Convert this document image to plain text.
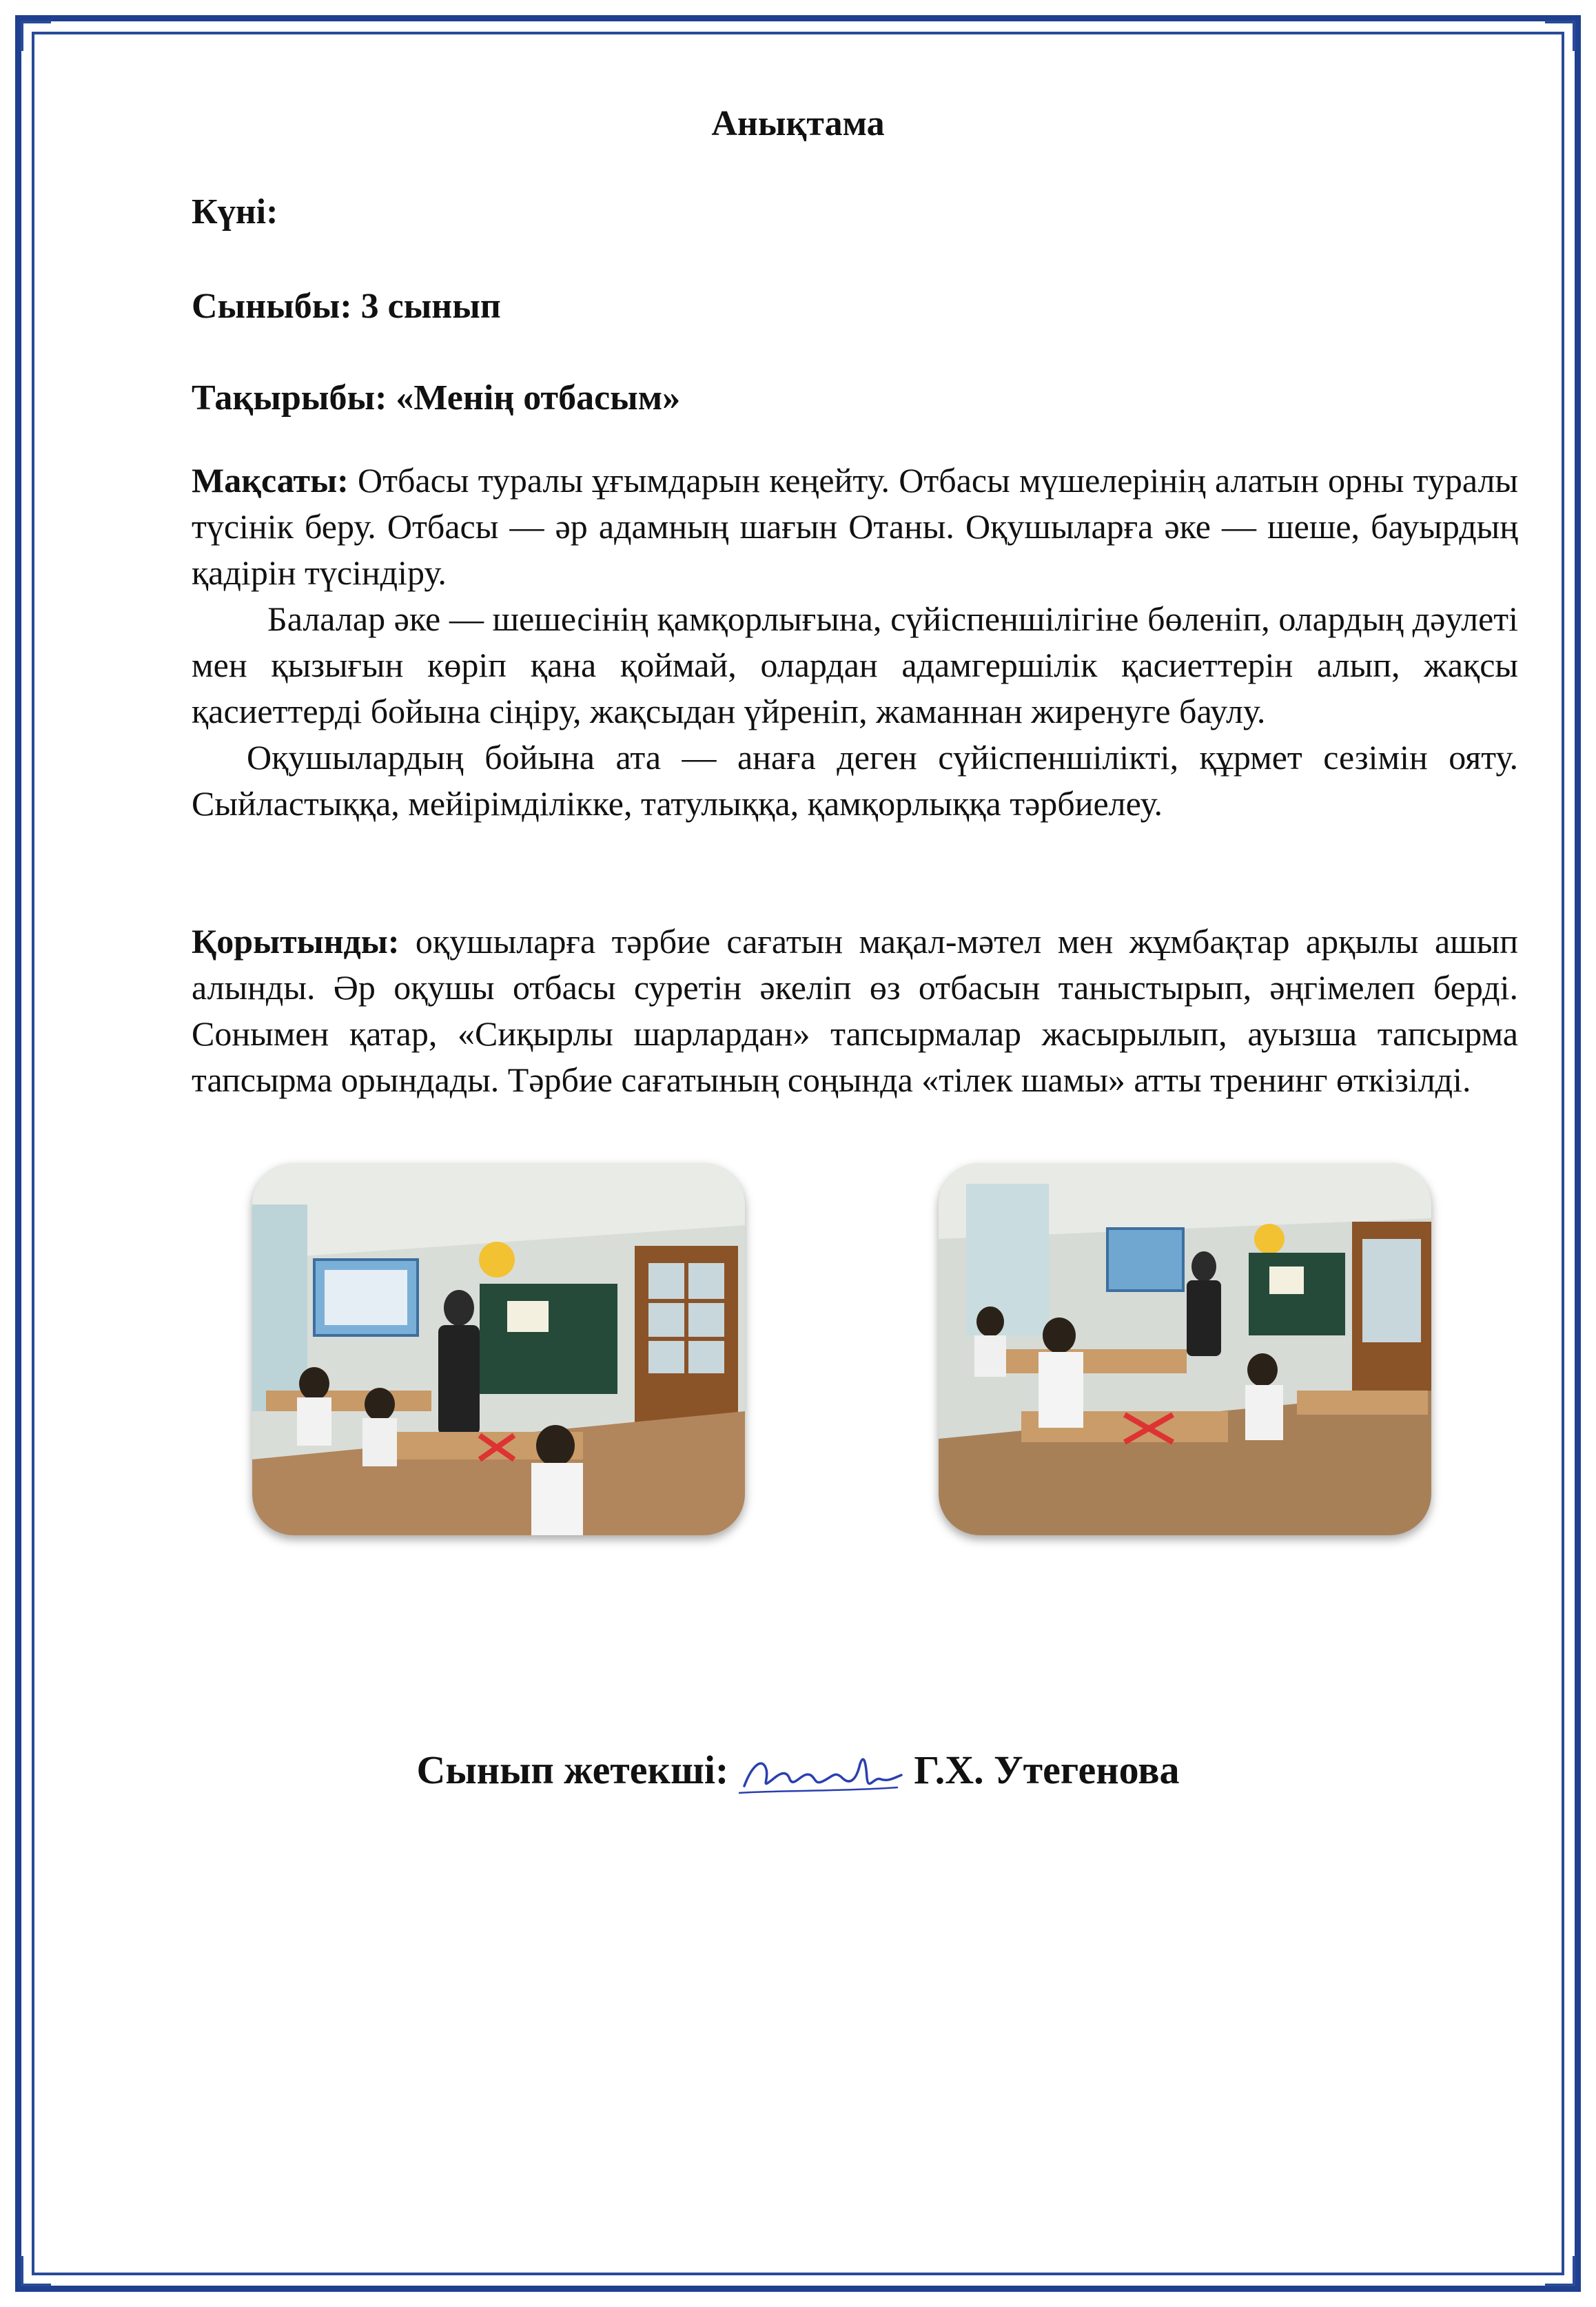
Анықтама
Күні:
Сыныбы: 3 сынып
Тақырыбы: «Менің отбасым»

Мақсаты: Отбасы туралы ұғымдарын кеңейту. Отбасы мүшелерінің алатын орны туралы түсінік беру. Отбасы — әр адамның шағын Отаны. Оқушыларға әке — шеше, бауырдың қадірін түсіндіру.

Балалар әке — шешесінің қамқорлығына, сүйіспеншілігіне бөленіп, олардың дәулеті мен қызығын көріп қана қоймай, олардан адамгершілік қасиеттерін алып, жақсы қасиеттерді бойына сіңіру, жақсыдан үйреніп, жаманнан жиренуге баулу.

Оқушылардың бойына ата — анаға деген сүйіспеншілікті, құрмет сезімін ояту. Сыйластыққа, мейірімділікке, татулыққа, қамқорлыққа тәрбиелеу.

Қорытынды: оқушыларға тәрбие сағатын мақал-мәтел мен жұмбақтар арқылы ашып алынды. Әр оқушы отбасы суретін әкеліп өз отбасын таныстырып, әңгімелеп берді. Сонымен қатар, «Сиқырлы шарлардан» тапсырмалар жасырылып, ауызша тапсырма тапсырма орындады. Тәрбие сағатының соңында «тілек шамы» атты тренинг өткізілді.

Сынып жетекші:	Г.Х. Утегенова
